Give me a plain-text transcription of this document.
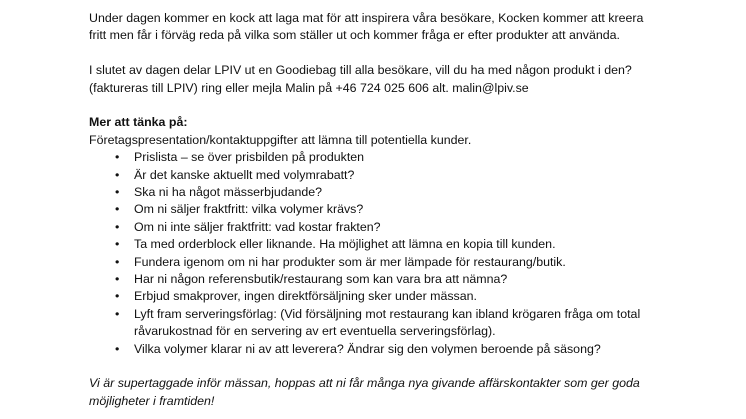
Under dagen kommer en kock att laga mat för att inspirera våra besökare, Kocken kommer att kreera

fritt men får i förväg reda på vilka som ställer ut och kommer fråga er efter produkter att använda.

I slutet av dagen delar LPIV ut en Goodiebag till alla besökare, vill du ha med någon produkt i den?

(faktureras till LPIV) ring eller mejla Malin på +46 724 025 606 alt. malin@lpiv.se

Mer att tänka på:

Företagspresentation/kontaktuppgifter att lämna till potentiella kunder.

• Prislista – se över prisbilden på produkten
• Är det kanske aktuellt med volymrabatt?
• Ska ni ha något mässerbjudande?
• Om ni säljer fraktfritt: vilka volymer krävs?
• Om ni inte säljer fraktfritt: vad kostar frakten?
• Ta med orderblock eller liknande. Ha möjlighet att lämna en kopia till kunden.
• Fundera igenom om ni har produkter som är mer lämpade för restaurang/butik.
• Har ni någon referensbutik/restaurang som kan vara bra att nämna?
• Erbjud smakprover, ingen direktförsäljning sker under mässan.
• Lyft fram serveringsförlag: (Vid försäljning mot restaurang kan ibland krögaren fråga om total
råvarukostnad för en servering av ert eventuella serveringsförlag).
• Vilka volymer klarar ni av att leverera? Ändrar sig den volymen beroende på säsong?

Vi är supertaggade inför mässan, hoppas att ni får många nya givande affärskontakter som ger goda

möjligheter i framtiden!
